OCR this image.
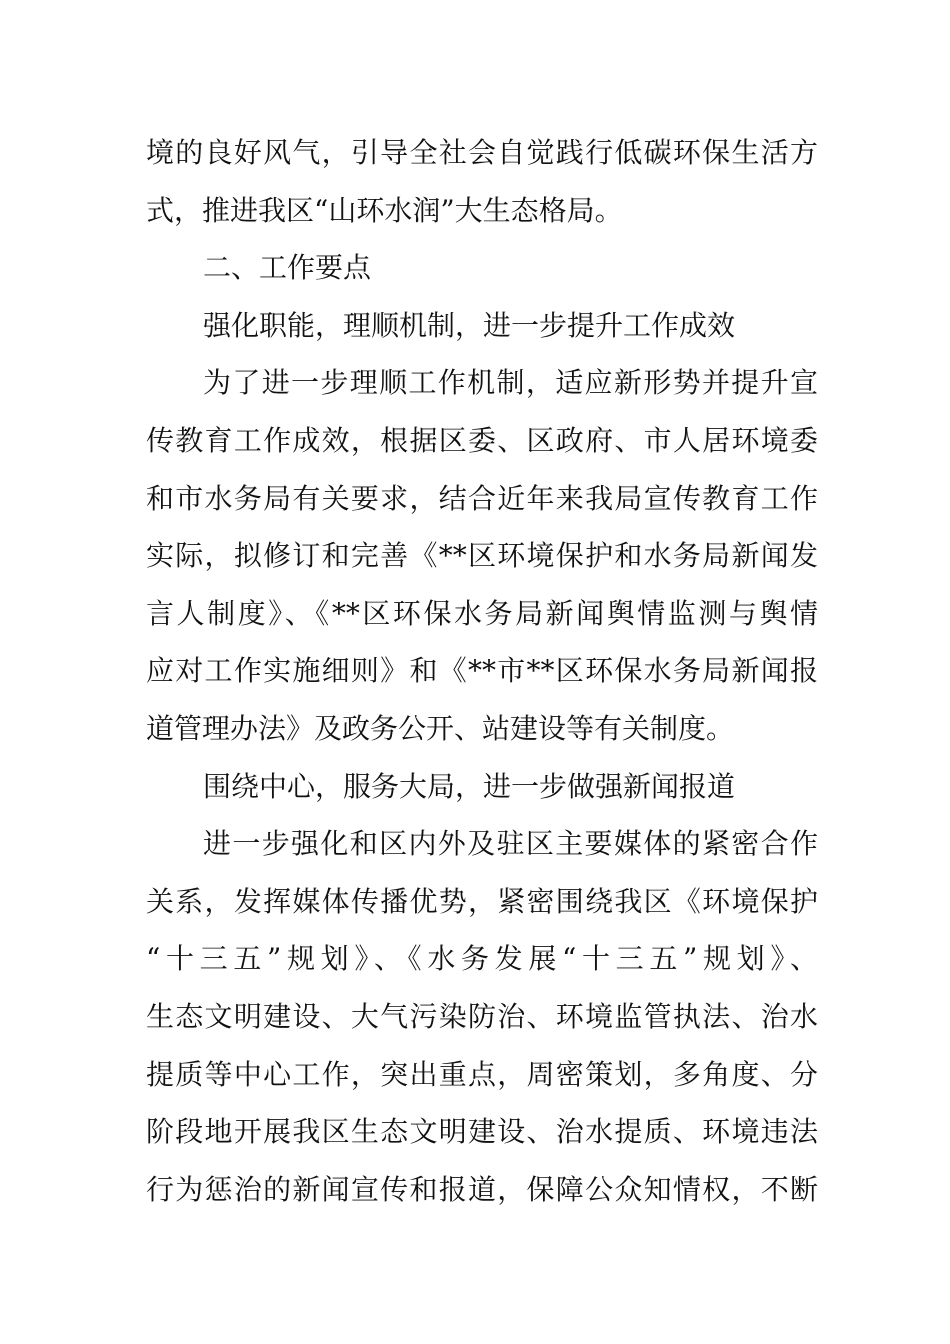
境的良好风气，引导全社会自觉践行低碳环保生活方
式，推进我区“山环水润”大生态格局。
二、工作要点
强化职能，理顺机制，进一步提升工作成效
为了进一步理顺工作机制，适应新形势并提升宣
传教育工作成效，根据区委、区政府、市人居环境委
和市水务局有关要求，结合近年来我局宣传教育工作
实际，拟修订和完善《**区环境保护和水务局新闻发
言人制度》、《**区环保水务局新闻舆情监测与舆情
应对工作实施细则》和《**市**区环保水务局新闻报
道管理办法》及政务公开、站建设等有关制度。
围绕中心，服务大局，进一步做强新闻报道
进一步强化和区内外及驻区主要媒体的紧密合作
关系，发挥媒体传播优势，紧密围绕我区《环境保护
“十三五”规划》、《水务发展“十三五”规划》、
生态文明建设、大气污染防治、环境监管执法、治水
提质等中心工作，突出重点，周密策划，多角度、分
阶段地开展我区生态文明建设、治水提质、环境违法
行为惩治的新闻宣传和报道，保障公众知情权，不断
